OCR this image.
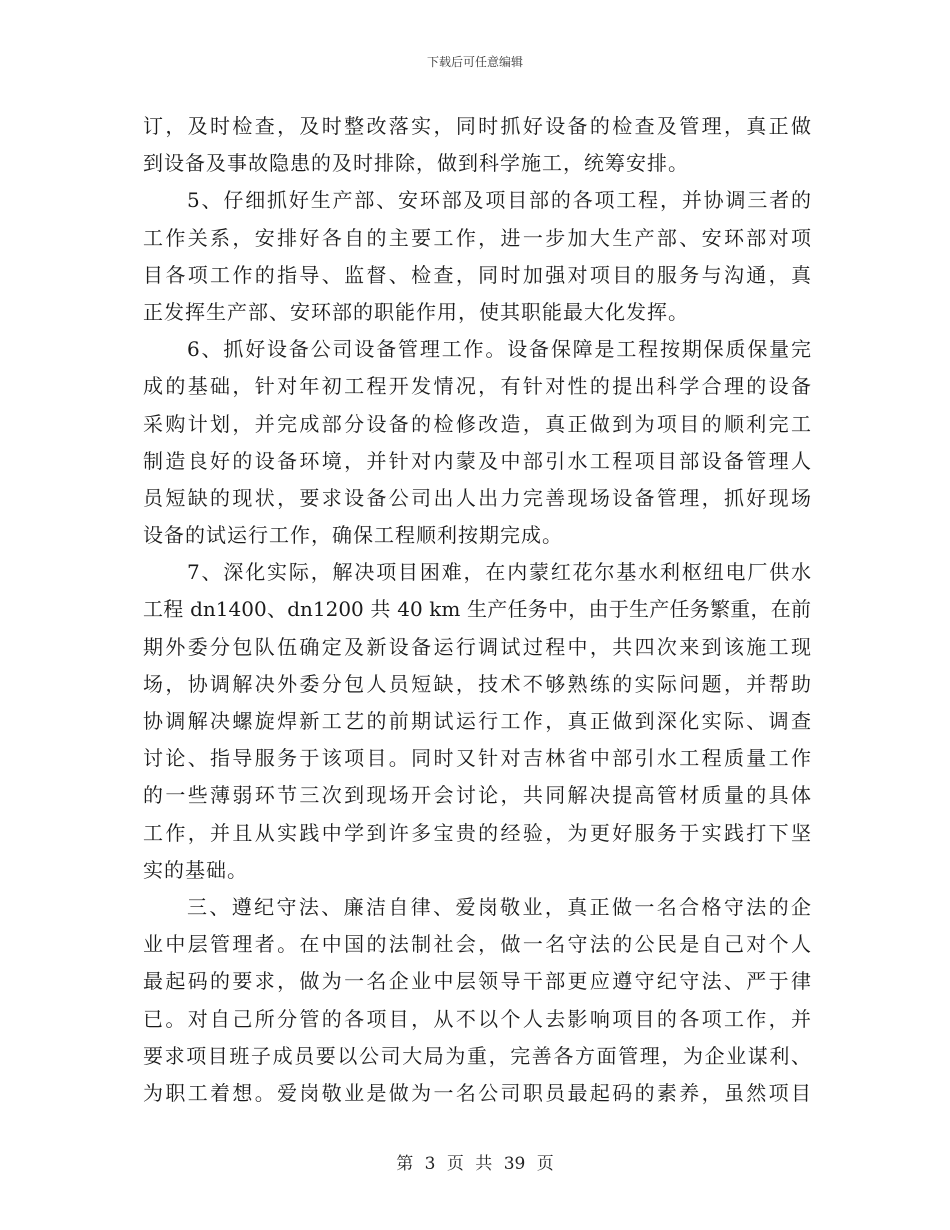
下载后可任意编辑
订，及时检查，及时整改落实，同时抓好设备的检查及管理，真正做
到设备及事故隐患的及时排除，做到科学施工，统筹安排。
5、仔细抓好生产部、安环部及项目部的各项工程，并协调三者的
工作关系，安排好各自的主要工作，进一步加大生产部、安环部对项
目各项工作的指导、监督、检查，同时加强对项目的服务与沟通，真
正发挥生产部、安环部的职能作用，使其职能最大化发挥。
6、抓好设备公司设备管理工作。设备保障是工程按期保质保量完
成的基础，针对年初工程开发情况，有针对性的提出科学合理的设备
采购计划，并完成部分设备的检修改造，真正做到为项目的顺利完工
制造良好的设备环境，并针对内蒙及中部引水工程项目部设备管理人
员短缺的现状，要求设备公司出人出力完善现场设备管理，抓好现场
设备的试运行工作，确保工程顺利按期完成。
7、深化实际，解决项目困难，在内蒙红花尔基水利枢纽电厂供水
工程 dn1400、dn1200 共 40 km 生产任务中，由于生产任务繁重，在前
期外委分包队伍确定及新设备运行调试过程中，共四次来到该施工现
场，协调解决外委分包人员短缺，技术不够熟练的实际问题，并帮助
协调解决螺旋焊新工艺的前期试运行工作，真正做到深化实际、调查
讨论、指导服务于该项目。同时又针对吉林省中部引水工程质量工作
的一些薄弱环节三次到现场开会讨论，共同解决提高管材质量的具体
工作，并且从实践中学到许多宝贵的经验，为更好服务于实践打下坚
实的基础。
三、遵纪守法、廉洁自律、爱岗敬业，真正做一名合格守法的企
业中层管理者。在中国的法制社会，做一名守法的公民是自己对个人
最起码的要求，做为一名企业中层领导干部更应遵守纪守法、严于律
已。对自己所分管的各项目，从不以个人去影响项目的各项工作，并
要求项目班子成员要以公司大局为重，完善各方面管理，为企业谋利、
为职工着想。爱岗敬业是做为一名公司职员最起码的素养，虽然项目
第 3 页 共 39 页
